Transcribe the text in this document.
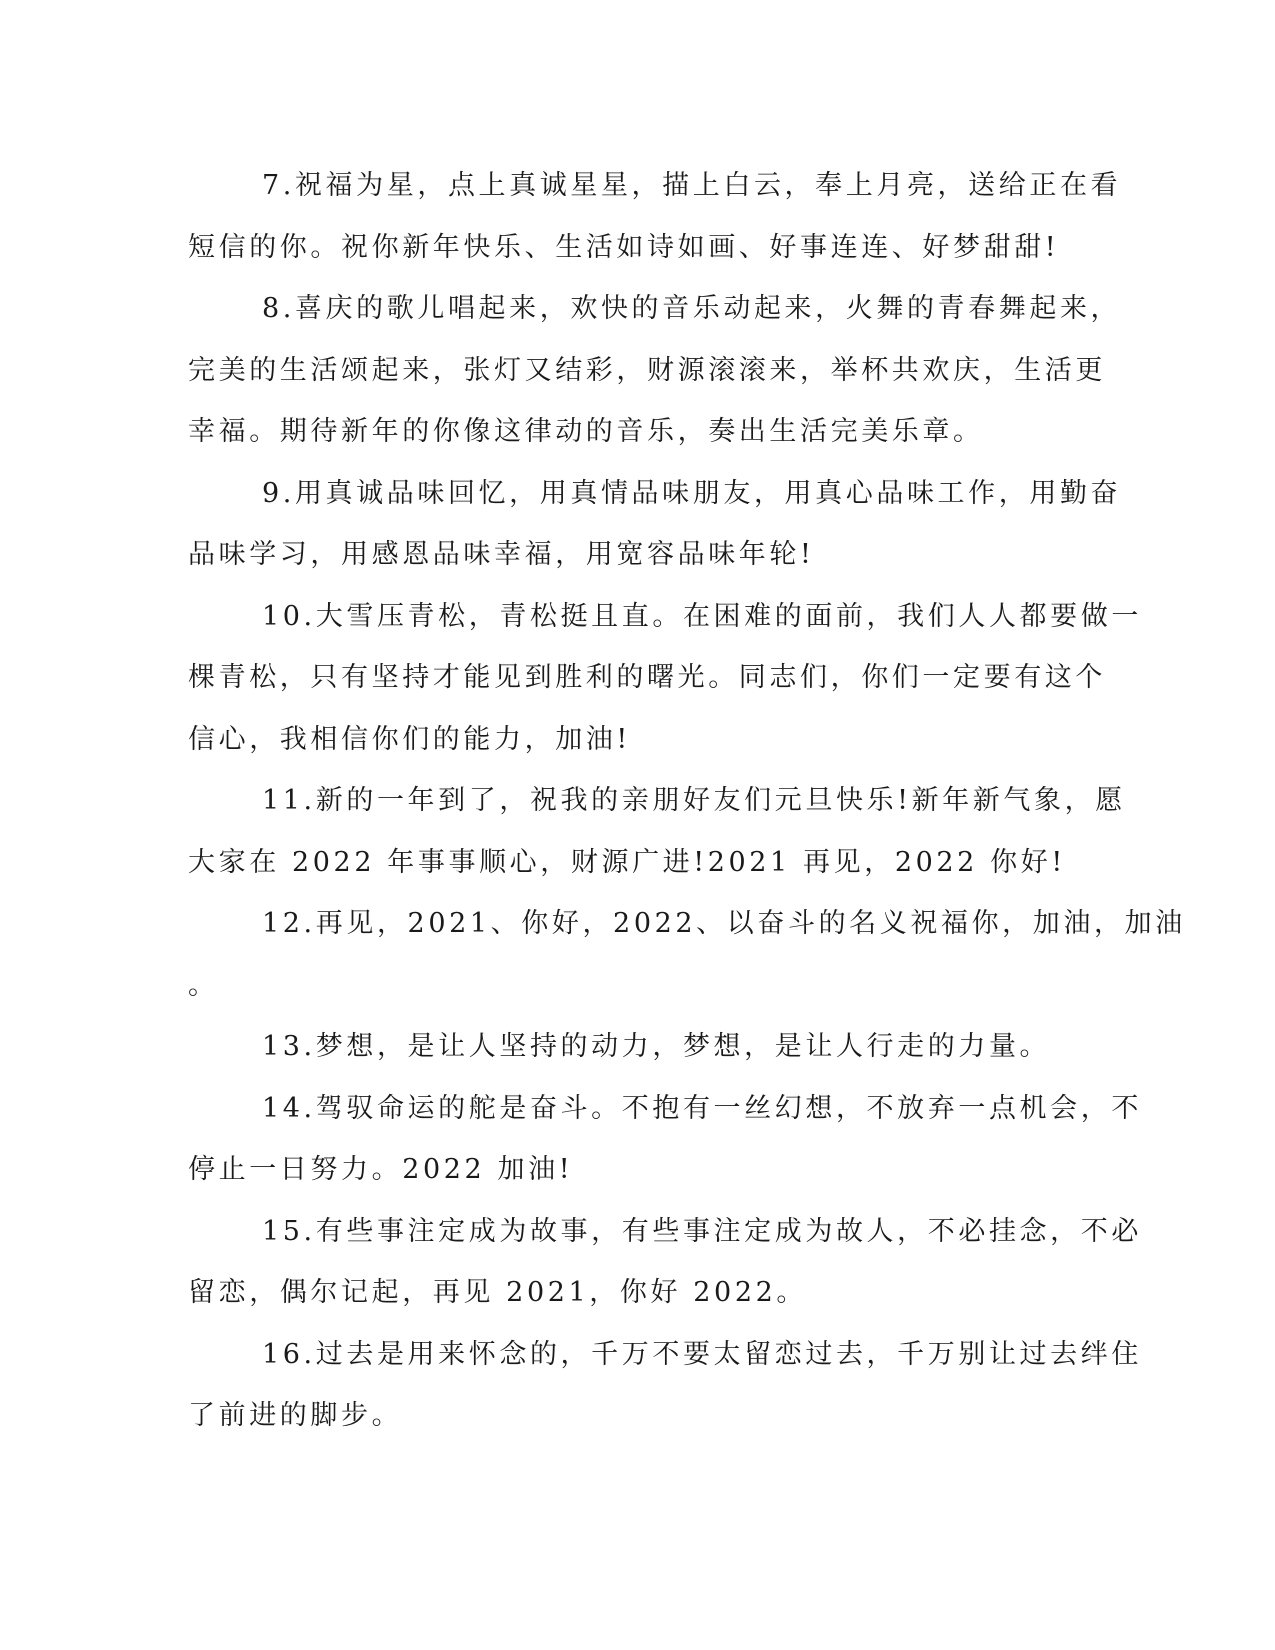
7.祝福为星，点上真诚星星，描上白云，奉上月亮，送给正在看
短信的你。祝你新年快乐、生活如诗如画、好事连连、好梦甜甜!

8.喜庆的歌儿唱起来，欢快的音乐动起来，火舞的青春舞起来，
完美的生活颂起来，张灯又结彩，财源滚滚来，举杯共欢庆，生活更
幸福。期待新年的你像这律动的音乐，奏出生活完美乐章。

9.用真诚品味回忆，用真情品味朋友，用真心品味工作，用勤奋
品味学习，用感恩品味幸福，用宽容品味年轮!

10.大雪压青松，青松挺且直。在困难的面前，我们人人都要做一
棵青松，只有坚持才能见到胜利的曙光。同志们，你们一定要有这个
信心，我相信你们的能力，加油!

11.新的一年到了，祝我的亲朋好友们元旦快乐!新年新气象，愿
大家在 2022 年事事顺心，财源广进!2021 再见，2022 你好!

12.再见，2021、你好，2022、以奋斗的名义祝福你，加油，加油
。

13.梦想，是让人坚持的动力，梦想，是让人行走的力量。

14.驾驭命运的舵是奋斗。不抱有一丝幻想，不放弃一点机会，不
停止一日努力。2022 加油!

15.有些事注定成为故事，有些事注定成为故人，不必挂念，不必
留恋，偶尔记起，再见 2021，你好 2022。

16.过去是用来怀念的，千万不要太留恋过去，千万别让过去绊住
了前进的脚步。
